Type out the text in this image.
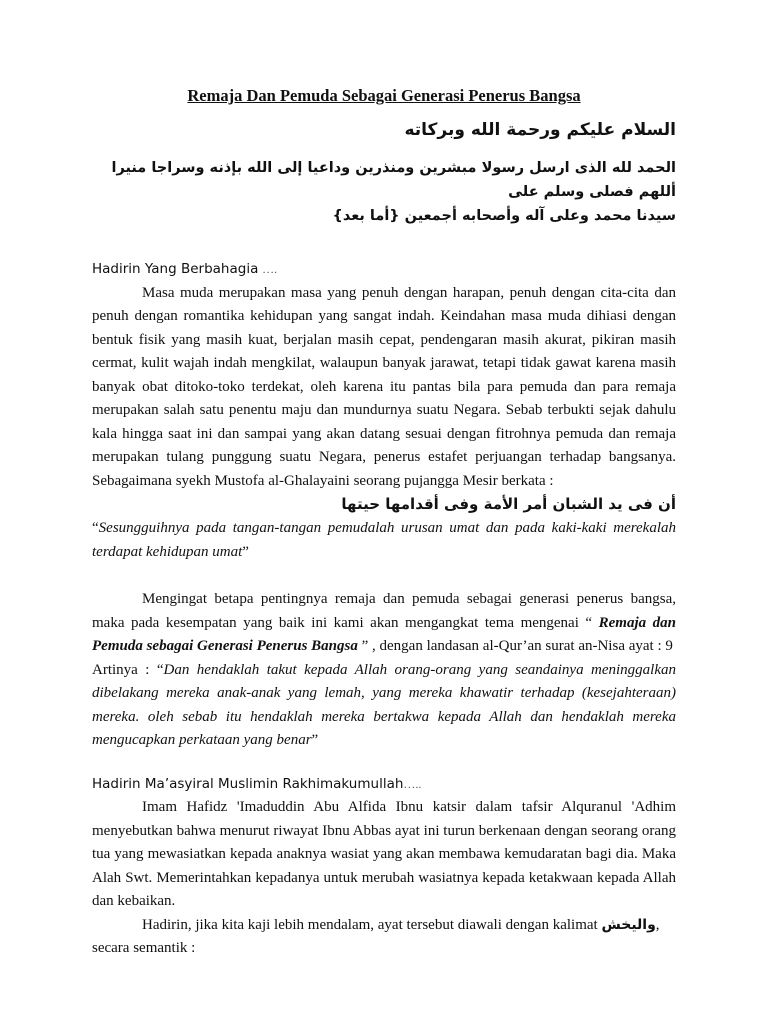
Remaja Dan Pemuda Sebagai Generasi Penerus Bangsa
السلام عليكم ورحمة الله وبركاته
الحمد لله الذى ارسل رسولا مبشرين ومنذرين وداعيا إلى الله بإذنه وسراجا منيرا أللهم فصلى وسلم على
سيدنا محمد وعلى آله وأصحابه أجمعين {أما بعد}

Hadirin Yang Berbahagia ….

Masa muda merupakan masa yang penuh dengan harapan, penuh dengan cita-cita dan penuh dengan romantika kehidupan yang sangat indah. Keindahan masa muda dihiasi dengan bentuk fisik yang masih kuat, berjalan masih cepat, pendengaran masih akurat, pikiran masih cermat, kulit wajah indah mengkilat, walaupun banyak jarawat, tetapi tidak gawat karena masih banyak obat ditoko-toko terdekat, oleh karena itu pantas bila para pemuda dan para remaja merupakan salah satu penentu maju dan mundurnya suatu Negara. Sebab terbukti sejak dahulu kala hingga saat ini dan sampai yang akan datang sesuai dengan fitrohnya pemuda dan remaja merupakan tulang punggung suatu Negara, penerus estafet perjuangan terhadap bangsanya. Sebagaimana syekh Mustofa al-Ghalayaini seorang pujangga Mesir berkata :

أن فى يد الشبان أمر الأمة وفى أقدامها حيتها

“Sesungguihnya pada tangan-tangan pemudalah urusan umat dan pada kaki-kaki merekalah terdapat kehidupan umat”

Mengingat betapa pentingnya remaja dan pemuda sebagai generasi penerus bangsa, maka pada kesempatan yang baik ini kami akan mengangkat tema mengenai “ Remaja dan Pemuda sebagai Generasi Penerus Bangsa ” , dengan landasan al-Qur’an surat an-Nisa ayat : 9

Artinya : “Dan hendaklah takut kepada Allah orang-orang yang seandainya meninggalkan dibelakang mereka anak-anak yang lemah, yang mereka khawatir terhadap (kesejahteraan) mereka. oleh sebab itu hendaklah mereka bertakwa kepada Allah dan hendaklah mereka mengucapkan perkataan yang benar”

Hadirin Ma’asyiral Muslimin Rakhimakumullah…..

Imam Hafidz 'Imaduddin Abu Alfida Ibnu katsir dalam tafsir Alquranul 'Adhim menyebutkan bahwa menurut riwayat Ibnu Abbas ayat ini turun berkenaan dengan seorang orang tua yang mewasiatkan kepada anaknya wasiat yang akan membawa kemudaratan bagi dia. Maka Alah Swt. Memerintahkan kepadanya untuk merubah wasiatnya kepada ketakwaan kepada Allah dan kebaikan.

Hadirin, jika kita kaji lebih mendalam, ayat tersebut diawali dengan kalimat واليخش,

secara semantik :
